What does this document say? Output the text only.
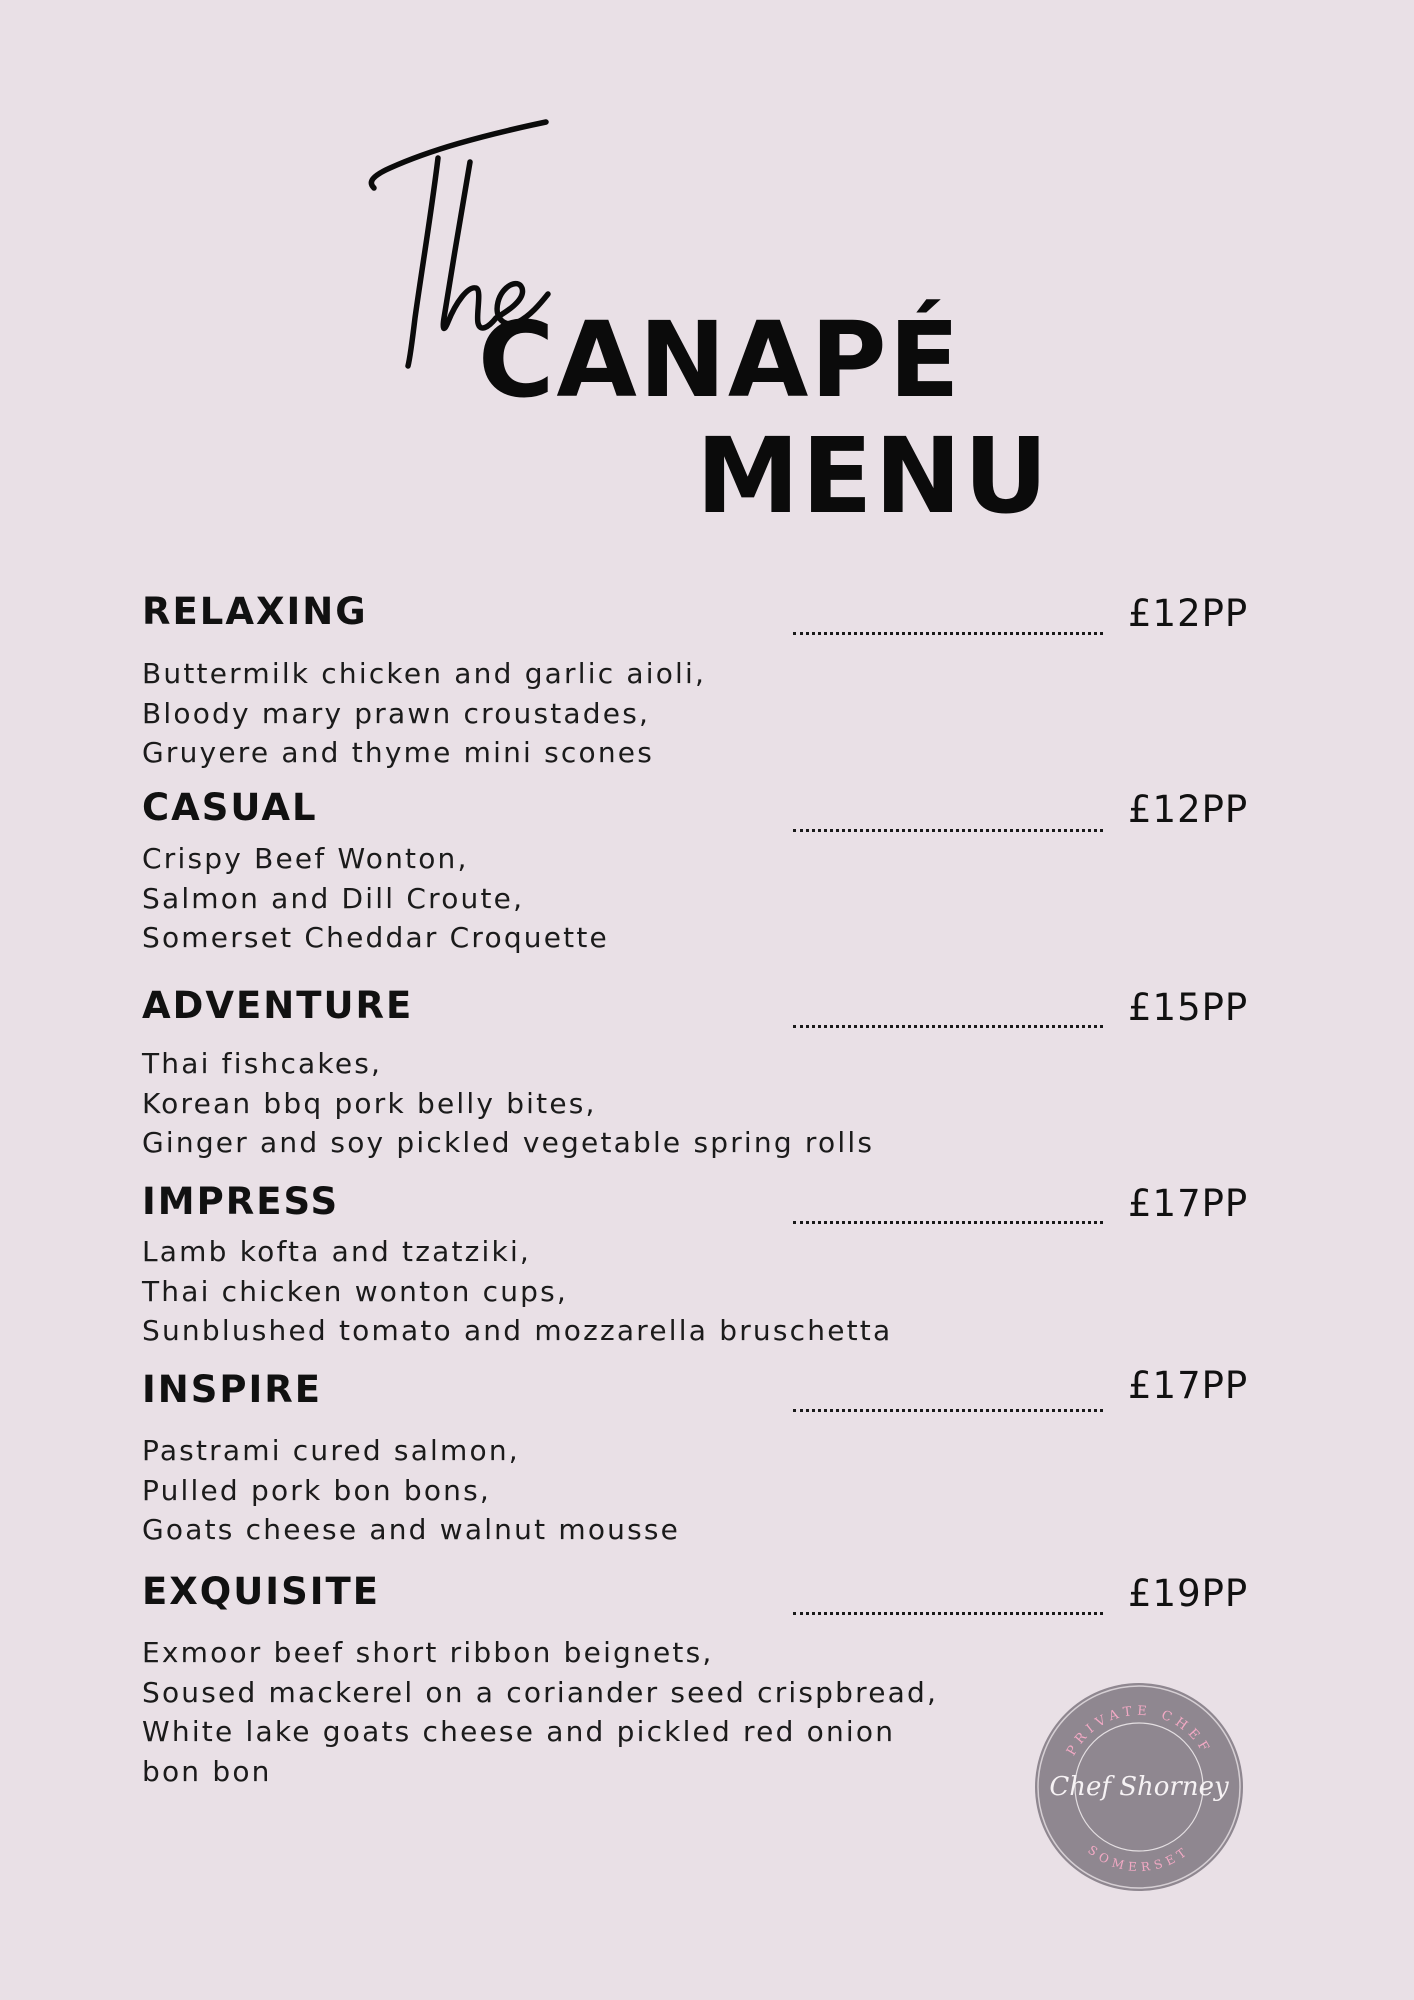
CANAPÉ
MENU
RELAXING	£12PP
Buttermilk chicken and garlic aioli,
Bloody mary prawn croustades,
Gruyere and thyme mini scones
CASUAL	£12PP
Crispy Beef Wonton,
Salmon and Dill Croute,
Somerset Cheddar Croquette
ADVENTURE	£15PP
Thai fishcakes,
Korean bbq pork belly bites,
Ginger and soy pickled vegetable spring rolls
IMPRESS	£17PP
Lamb kofta and tzatziki,
Thai chicken wonton cups,
Sunblushed tomato and mozzarella bruschetta
INSPIRE	£17PP
Pastrami cured salmon,
Pulled pork bon bons,
Goats cheese and walnut mousse
EXQUISITE	£19PP
Exmoor beef short ribbon beignets,
Soused mackerel on a coriander seed crispbread,
White lake goats cheese and pickled red onion
bon bon
PRIVATE CHEF
Chef Shorney
SOMERSET
